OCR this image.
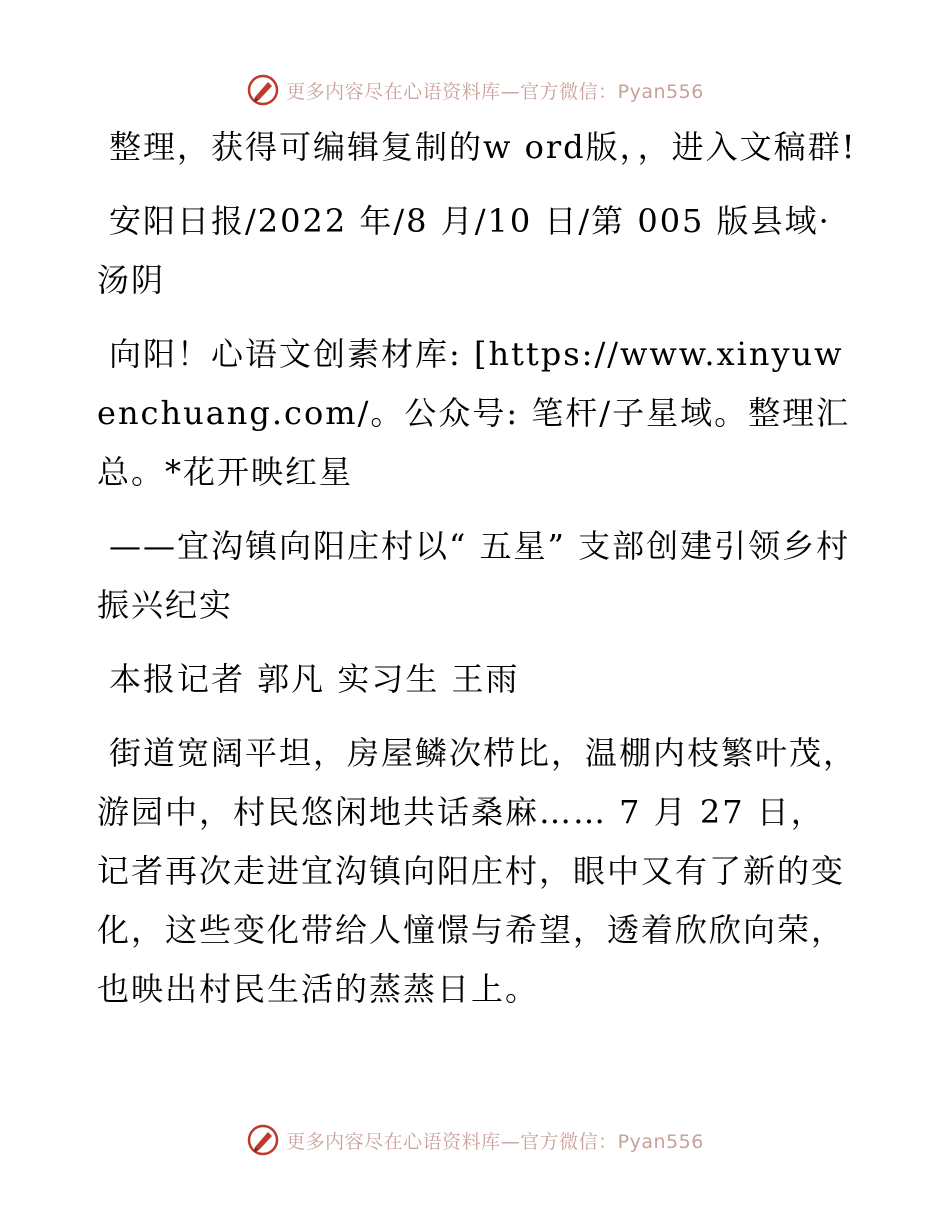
更多内容尽在心语资料库—官方微信：Pyan556

整理，获得可编辑复制的w ord版，，进入文稿群!

安阳日报/2022 年/8 月/10 日/第 005 版县域·汤阴

向阳！心语文创素材库: [https://www.xinyuwenchuang.com/。公众号: 笔杆/子星域。整理汇总。*花开映红星

——宜沟镇向阳庄村以“ 五星” 支部创建引领乡村振兴纪实

本报记者 郭凡 实习生 王雨

街道宽阔平坦，房屋鳞次栉比，温棚内枝繁叶茂，游园中，村民悠闲地共话桑麻…… 7 月 27 日，记者再次走进宜沟镇向阳庄村，眼中又有了新的变化，这些变化带给人憧憬与希望，透着欣欣向荣，也映出村民生活的蒸蒸日上。

更多内容尽在心语资料库—官方微信：Pyan556
